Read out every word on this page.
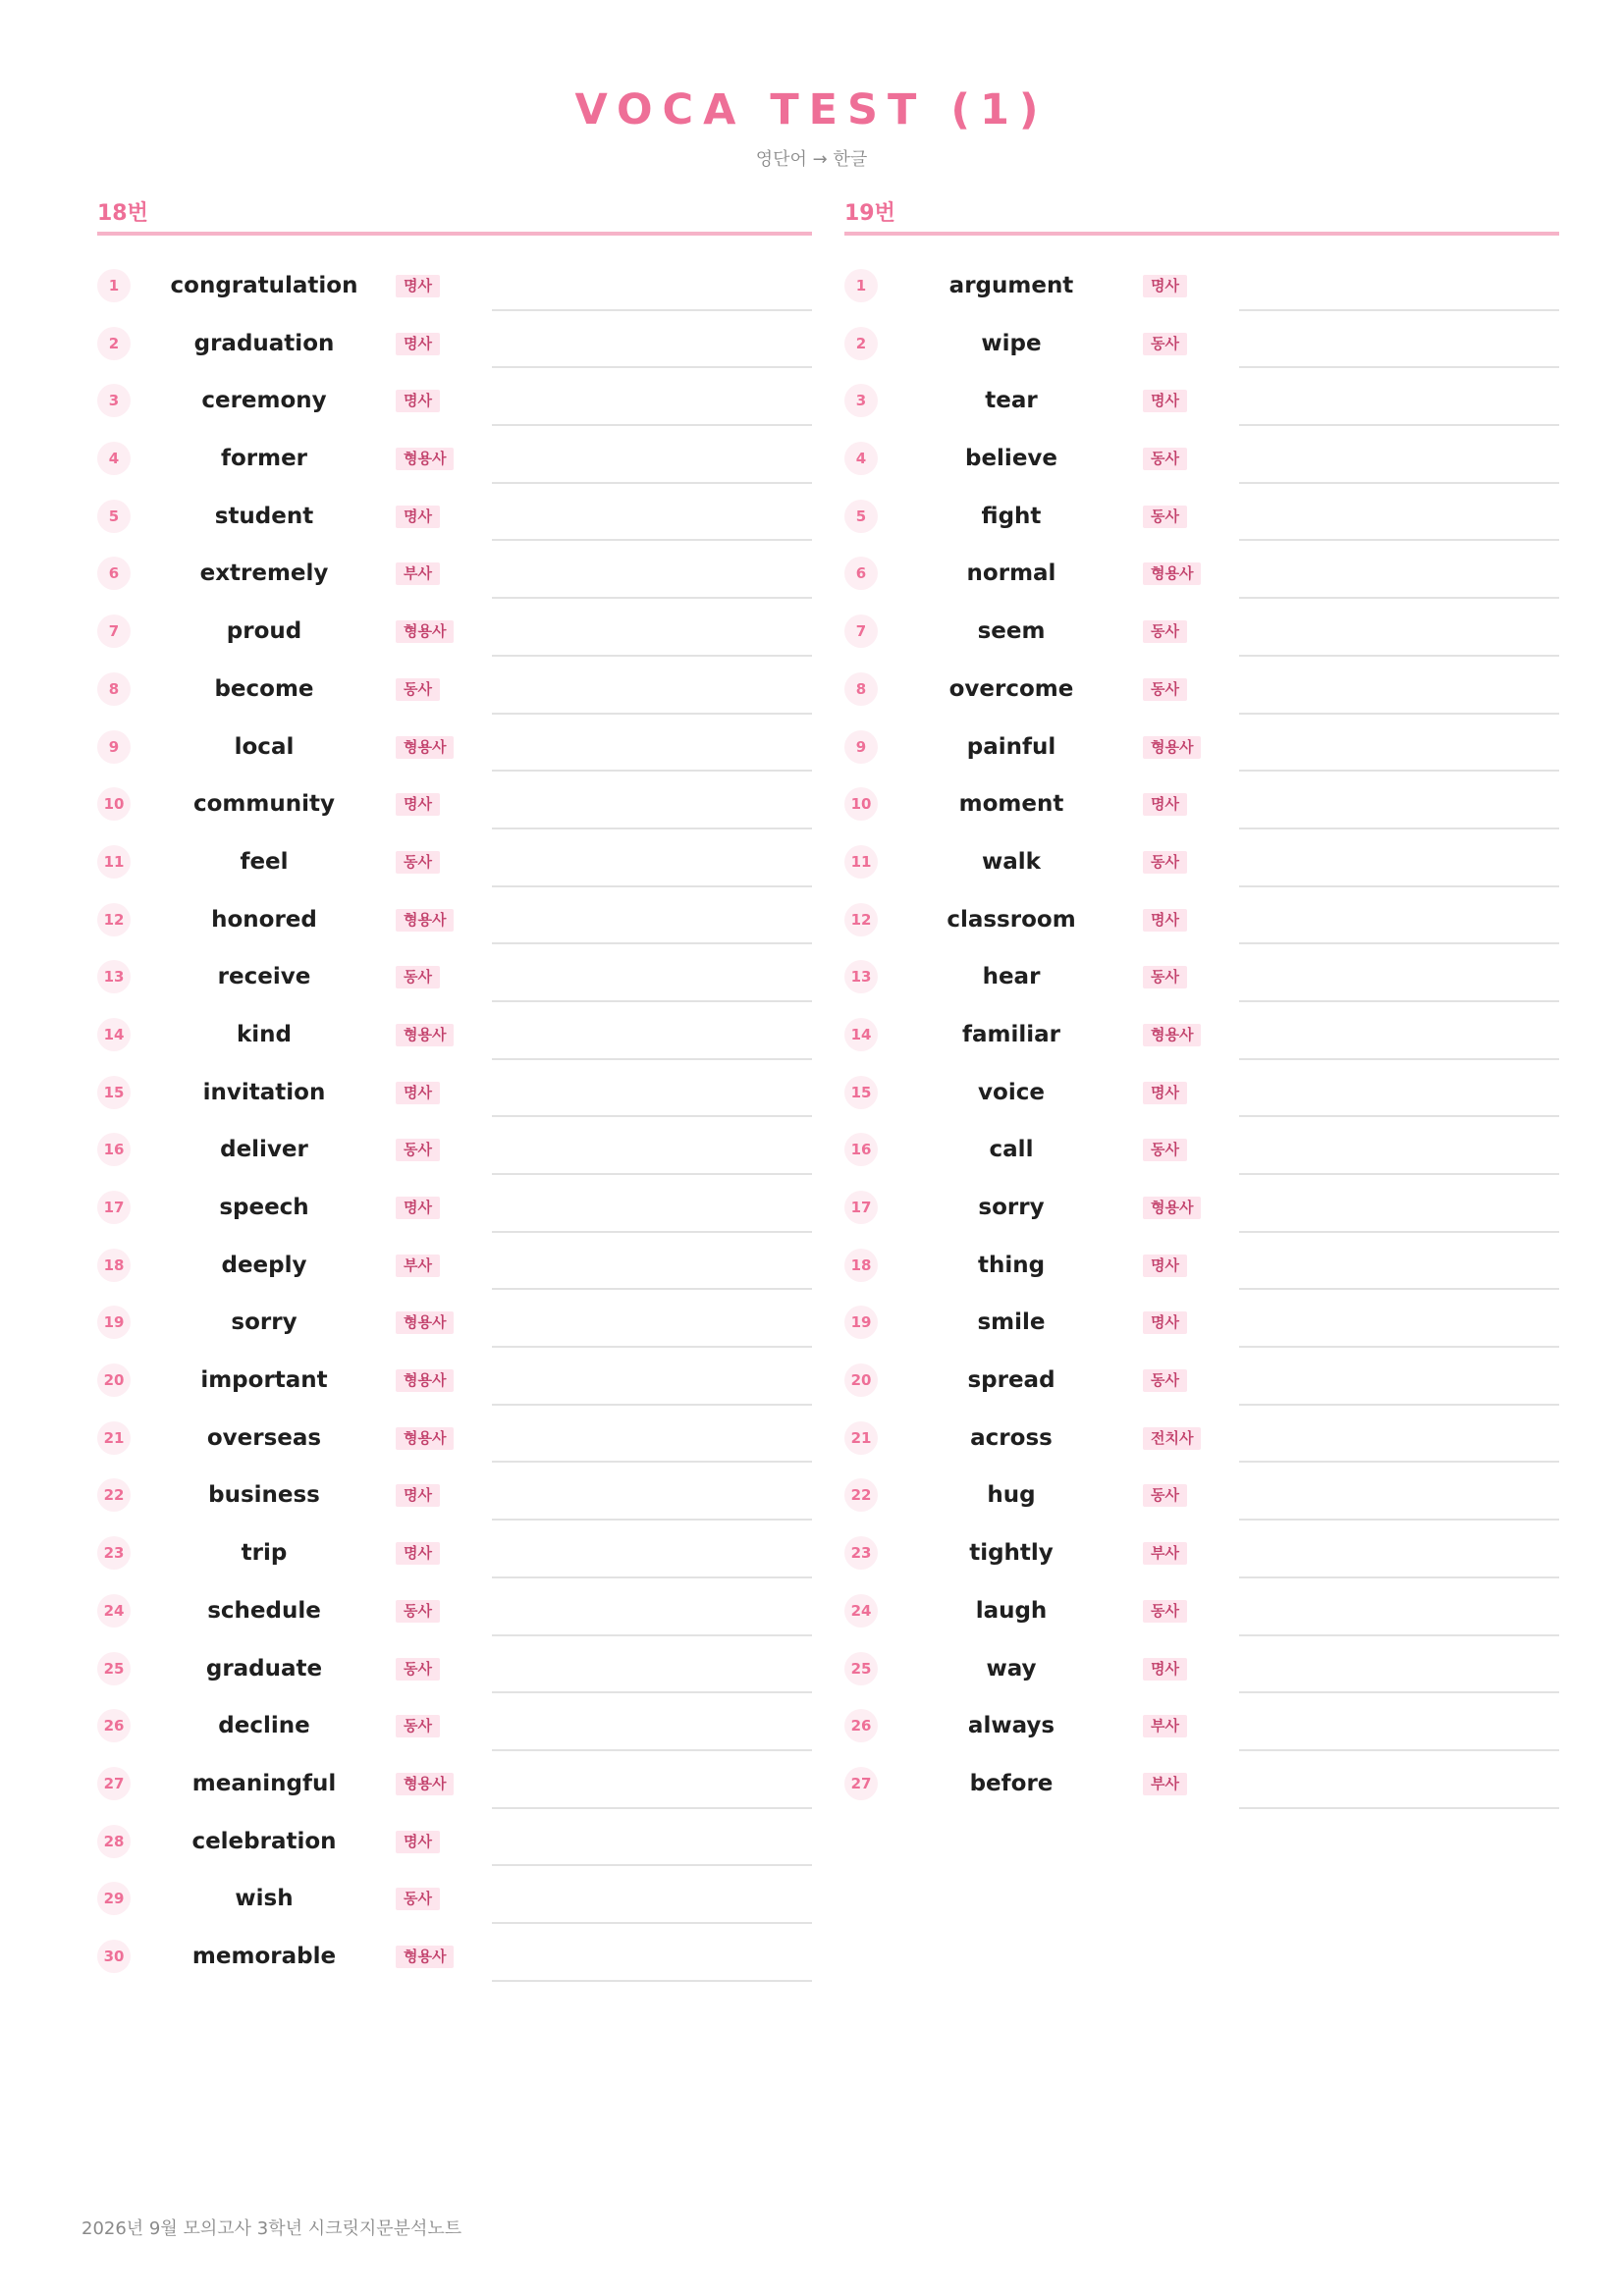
VOCA TEST (1)
영단어 → 한글
18번
1	congratulation	명사
2	graduation	명사
3	ceremony	명사
4	former	형용사
5	student	명사
6	extremely	부사
7	proud	형용사
8	become	동사
9	local	형용사
10	community	명사
11	feel	동사
12	honored	형용사
13	receive	동사
14	kind	형용사
15	invitation	명사
16	deliver	동사
17	speech	명사
18	deeply	부사
19	sorry	형용사
20	important	형용사
21	overseas	형용사
22	business	명사
23	trip	명사
24	schedule	동사
25	graduate	동사
26	decline	동사
27	meaningful	형용사
28	celebration	명사
29	wish	동사
30	memorable	형용사
19번
1	argument	명사
2	wipe	동사
3	tear	명사
4	believe	동사
5	fight	동사
6	normal	형용사
7	seem	동사
8	overcome	동사
9	painful	형용사
10	moment	명사
11	walk	동사
12	classroom	명사
13	hear	동사
14	familiar	형용사
15	voice	명사
16	call	동사
17	sorry	형용사
18	thing	명사
19	smile	명사
20	spread	동사
21	across	전치사
22	hug	동사
23	tightly	부사
24	laugh	동사
25	way	명사
26	always	부사
27	before	부사
2026년 9월 모의고사 3학년 시크릿지문분석노트
